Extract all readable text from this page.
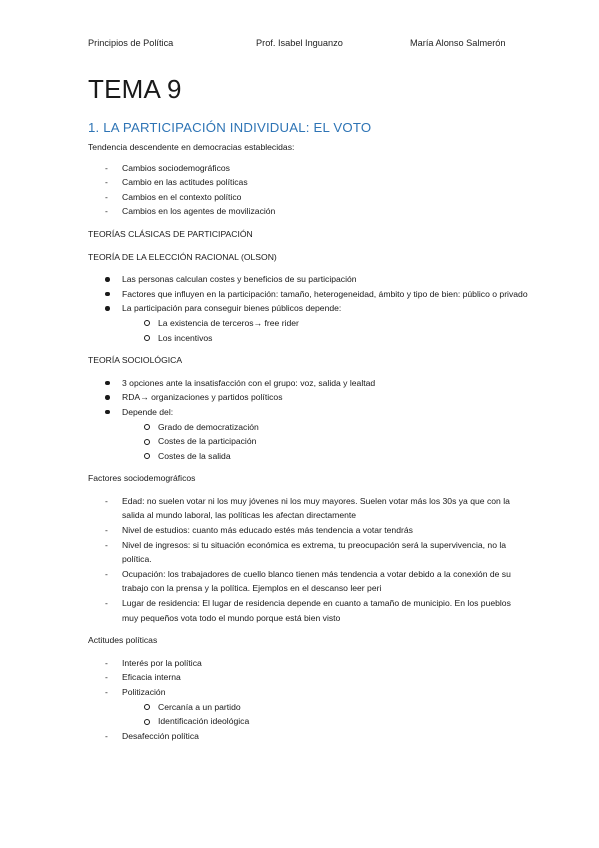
Principios de Política	Prof. Isabel Inguanzo	María Alonso Salmerón
TEMA 9
1. LA PARTICIPACIÓN INDIVIDUAL: EL VOTO

Tendencia descendente en democracias establecidas:

- Cambios sociodemográficos
- Cambio en las actitudes políticas
- Cambios en el contexto político
- Cambios en los agentes de movilización

TEORÍAS CLÁSICAS DE PARTICIPACIÓN

TEORÍA DE LA ELECCIÓN RACIONAL (OLSON)

Las personas calculan costes y beneficios de su participación
Factores que influyen en la participación: tamaño, heterogeneidad, ámbito y tipo de bien: público o privado
La participación para conseguir bienes públicos depende:
La existencia de terceros→ free rider
Los incentivos

TEORÍA SOCIOLÓGICA

3 opciones ante la insatisfacción con el grupo: voz, salida y lealtad
RDA→ organizaciones y partidos políticos
Depende del:
Grado de democratización
Costes de la participación
Costes de la salida

Factores sociodemográficos

- Edad: no suelen votar ni los muy jóvenes ni los muy mayores. Suelen votar más los 30s ya que con la salida al mundo laboral, las políticas les afectan directamente
- Nivel de estudios: cuanto más educado estés más tendencia a votar tendrás
- Nivel de ingresos: si tu situación económica es extrema, tu preocupación será la supervivencia, no la política.
- Ocupación: los trabajadores de cuello blanco tienen más tendencia a votar debido a la conexión de su trabajo con la prensa y la política. Ejemplos en el descanso leer peri
- Lugar de residencia: El lugar de residencia depende en cuanto a tamaño de municipio. En los pueblos muy pequeños vota todo el mundo porque está bien visto

Actitudes políticas

- Interés por la política
- Eficacia interna
- Politización
Cercanía a un partido
Identificación ideológica
- Desafección política
